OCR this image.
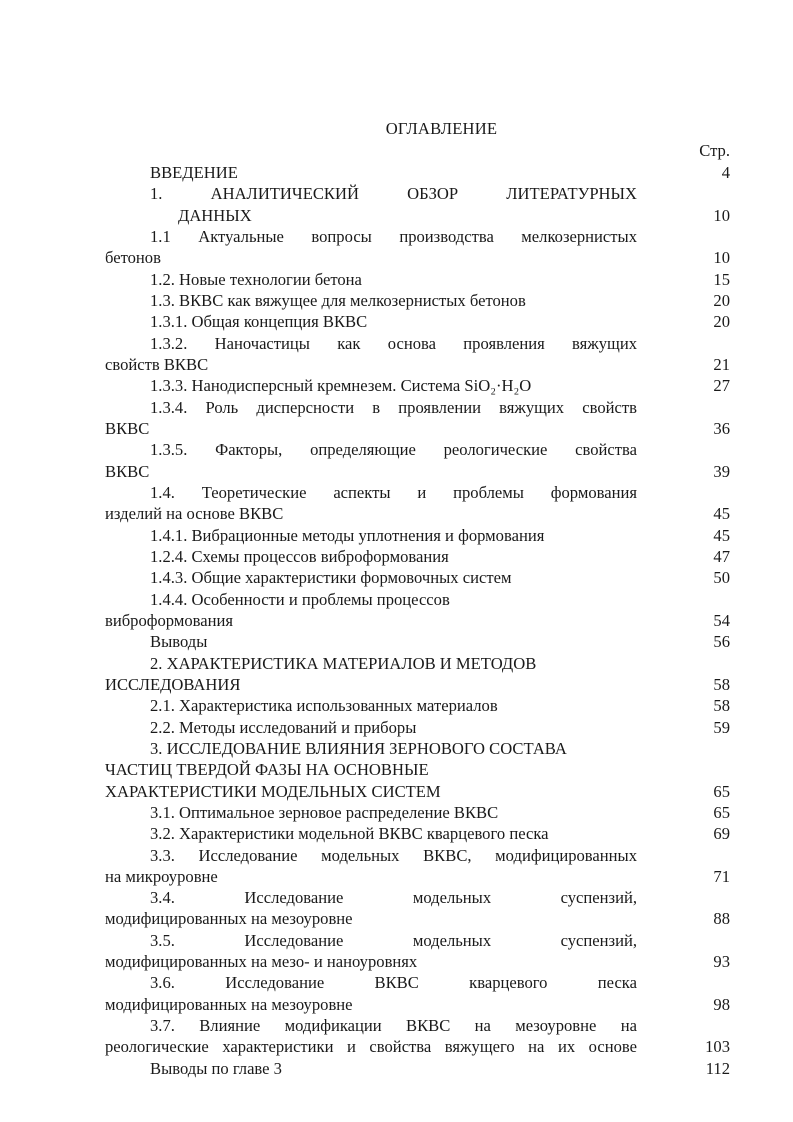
ОГЛАВЛЕНИЕ
Стр.
ВВЕДЕНИЕ	4
1. АНАЛИТИЧЕСКИЙ ОБЗОР ЛИТЕРАТУРНЫХ
ДАННЫХ	10
1.1 Актуальные вопросы производства мелкозернистых
бетонов	10
1.2. Новые технологии бетона	15
1.3. ВКВС как вяжущее для мелкозернистых бетонов	20
1.3.1. Общая концепция ВКВС	20
1.3.2. Наночастицы как основа проявления вяжущих
свойств ВКВС	21
1.3.3. Нанодисперсный кремнезем. Система SiO₂·H₂O	27
1.3.4. Роль дисперсности в проявлении вяжущих свойств
ВКВС	36
1.3.5. Факторы, определяющие реологические свойства
ВКВС	39
1.4. Теоретические аспекты и проблемы формования
изделий на основе ВКВС	45
1.4.1. Вибрационные методы уплотнения и формования	45
1.2.4. Схемы процессов виброформования	47
1.4.3. Общие характеристики формовочных систем	50
1.4.4. Особенности и проблемы процессов
виброформования	54
Выводы	56
2. ХАРАКТЕРИСТИКА МАТЕРИАЛОВ И МЕТОДОВ
ИССЛЕДОВАНИЯ	58
2.1. Характеристика использованных материалов	58
2.2. Методы исследований и приборы	59
3. ИССЛЕДОВАНИЕ ВЛИЯНИЯ ЗЕРНОВОГО СОСТАВА
ЧАСТИЦ ТВЕРДОЙ ФАЗЫ НА ОСНОВНЫЕ
ХАРАКТЕРИСТИКИ МОДЕЛЬНЫХ СИСТЕМ	65
3.1. Оптимальное зерновое распределение ВКВС	65
3.2. Характеристики модельной ВКВС кварцевого песка	69
3.3. Исследование модельных ВКВС, модифицированных
на микроуровне	71
3.4. Исследование модельных суспензий,
модифицированных на мезоуровне	88
3.5. Исследование модельных суспензий,
модифицированных на мезо- и наноуровнях	93
3.6. Исследование ВКВС кварцевого песка
модифицированных на мезоуровне	98
3.7. Влияние модификации ВКВС на мезоуровне на
реологические характеристики и свойства вяжущего на их основе	103
Выводы по главе 3	112
